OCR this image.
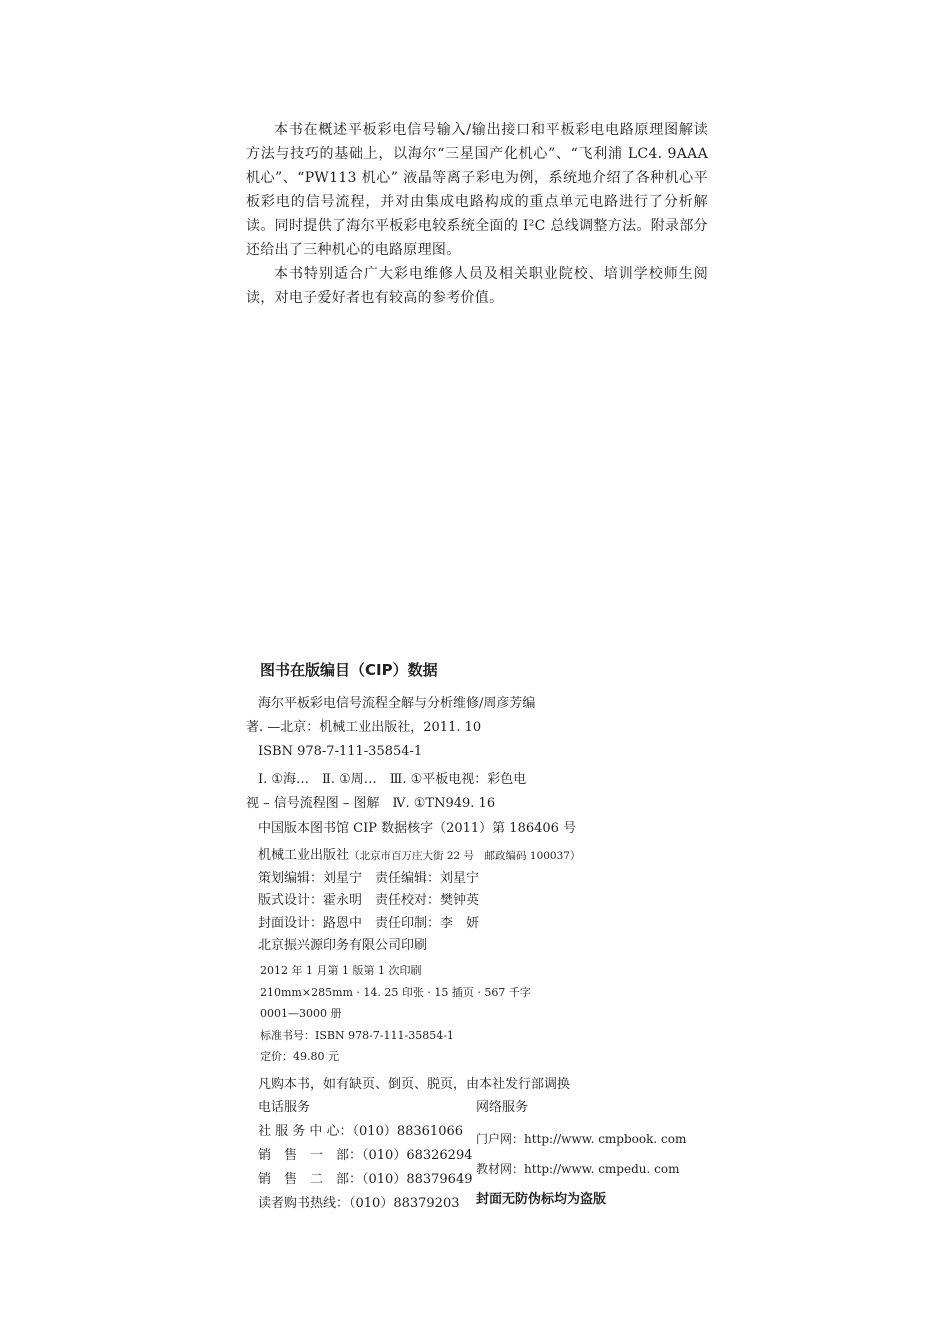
本书在概述平板彩电信号输入/输出接口和平板彩电电路原理图解读方法与技巧的基础上，以海尔“三星国产化机心”、“飞利浦 LC4. 9AAA机心”、“PW113 机心” 液晶等离子彩电为例，系统地介绍了各种机心平板彩电的信号流程，并对由集成电路构成的重点单元电路进行了分析解读。同时提供了海尔平板彩电较系统全面的 I²C 总线调整方法。附录部分还给出了三种机心的电路原理图。

本书特别适合广大彩电维修人员及相关职业院校、培训学校师生阅读，对电子爱好者也有较高的参考价值。

图书在版编目（CIP）数据
海尔平板彩电信号流程全解与分析维修/周彦芳编
著. —北京：机械工业出版社，2011. 10
ISBN 978-7-111-35854-1
Ⅰ. ①海…　Ⅱ. ①周…　Ⅲ. ①平板电视：彩色电
视 – 信号流程图 – 图解　Ⅳ. ①TN949. 16
中国版本图书馆 CIP 数据核字（2011）第 186406 号
机械工业出版社（北京市百万庄大街 22 号　邮政编码 100037）
策划编辑：刘星宁　责任编辑：刘星宁
版式设计：霍永明　责任校对：樊钟英
封面设计：路恩中　责任印制：李　妍
北京振兴源印务有限公司印刷
2012 年 1 月第 1 版第 1 次印刷
210mm×285mm · 14. 25 印张 · 15 插页 · 567 千字
0001—3000 册
标准书号：ISBN 978-7-111-35854-1
定价：49.80 元
凡购本书，如有缺页、倒页、脱页，由本社发行部调换
电话服务
社 服 务 中 心：（010）88361066
销　售　一　部：（010）68326294
销　售　二　部：（010）88379649
读者购书热线：（010）88379203
网络服务
门户网：http://www. cmpbook. com
教材网：http://www. cmpedu. com
封面无防伪标均为盗版
